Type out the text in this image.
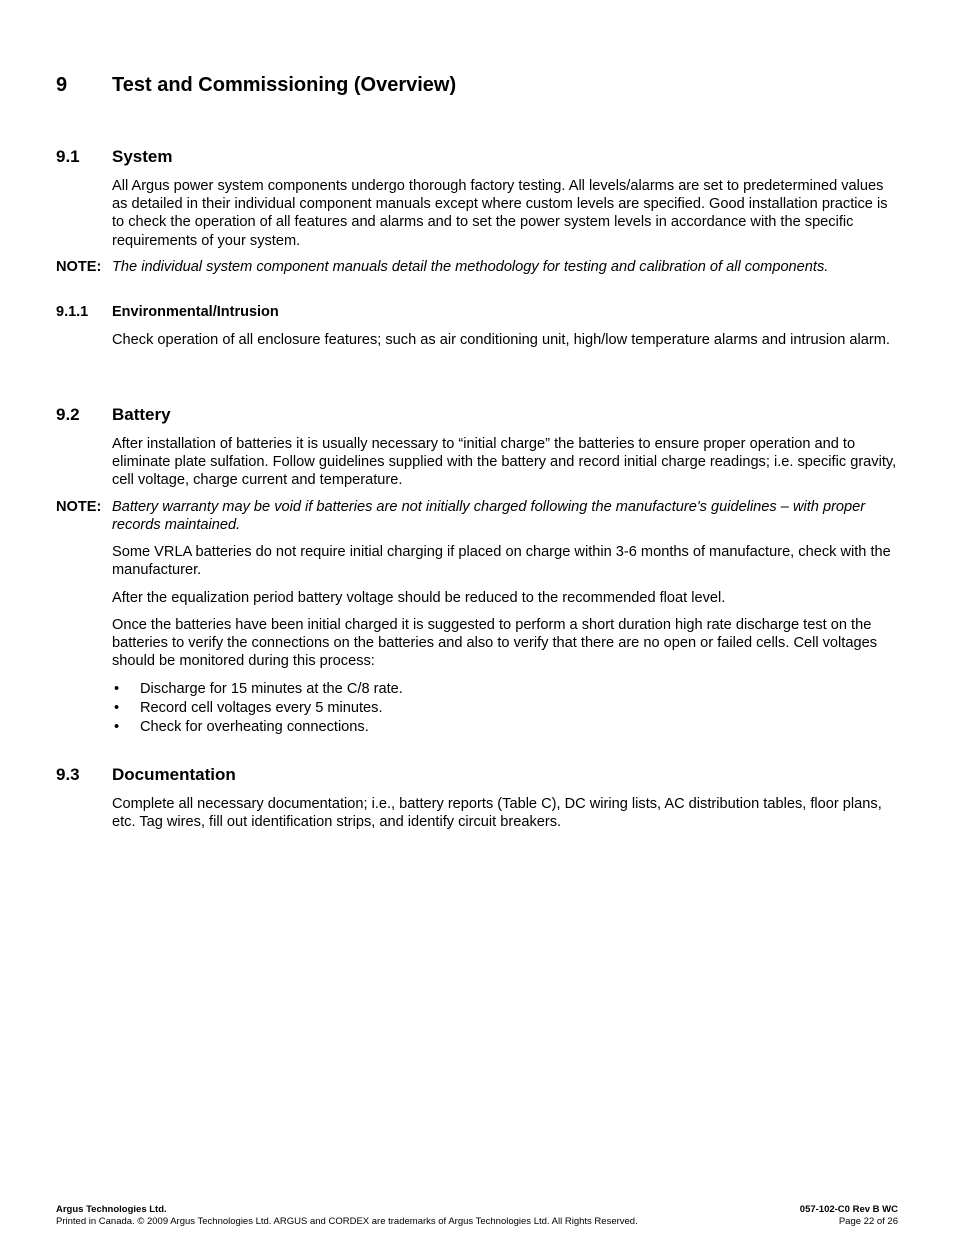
9	Test and Commissioning (Overview)
9.1	System

All Argus power system components undergo thorough factory testing. All levels/alarms are set to predetermined values as detailed in their individual component manuals except where custom levels are specified. Good installation practice is to check the operation of all features and alarms and to set the power system levels in accordance with the specific requirements of your system.

NOTE: The individual system component manuals detail the methodology for testing and calibration of all components.
9.1.1	Environmental/Intrusion

Check operation of all enclosure features; such as air conditioning unit, high/low temperature alarms and intrusion alarm.

9.2	Battery

After installation of batteries it is usually necessary to “initial charge” the batteries to ensure proper operation and to eliminate plate sulfation. Follow guidelines supplied with the battery and record initial charge readings; i.e. specific gravity, cell voltage, charge current and temperature.

NOTE: Battery warranty may be void if batteries are not initially charged following the manufacture's guidelines – with proper records maintained.

Some VRLA batteries do not require initial charging if placed on charge within 3-6 months of manufacture, check with the manufacturer.

After the equalization period battery voltage should be reduced to the recommended float level.

Once the batteries have been initial charged it is suggested to perform a short duration high rate discharge test on the batteries to verify the connections on the batteries and also to verify that there are no open or failed cells. Cell voltages should be monitored during this process:

•	Discharge for 15 minutes at the C/8 rate.
•	Record cell voltages every 5 minutes.
•	Check for overheating connections.
9.3	Documentation

Complete all necessary documentation; i.e., battery reports (Table C), DC wiring lists, AC distribution tables, floor plans, etc. Tag wires, fill out identification strips, and identify circuit breakers.

Argus Technologies Ltd.	057-102-C0 Rev B WC
Printed in Canada. © 2009 Argus Technologies Ltd. ARGUS and CORDEX are trademarks of Argus Technologies Ltd. All Rights Reserved.	Page 22 of 26
